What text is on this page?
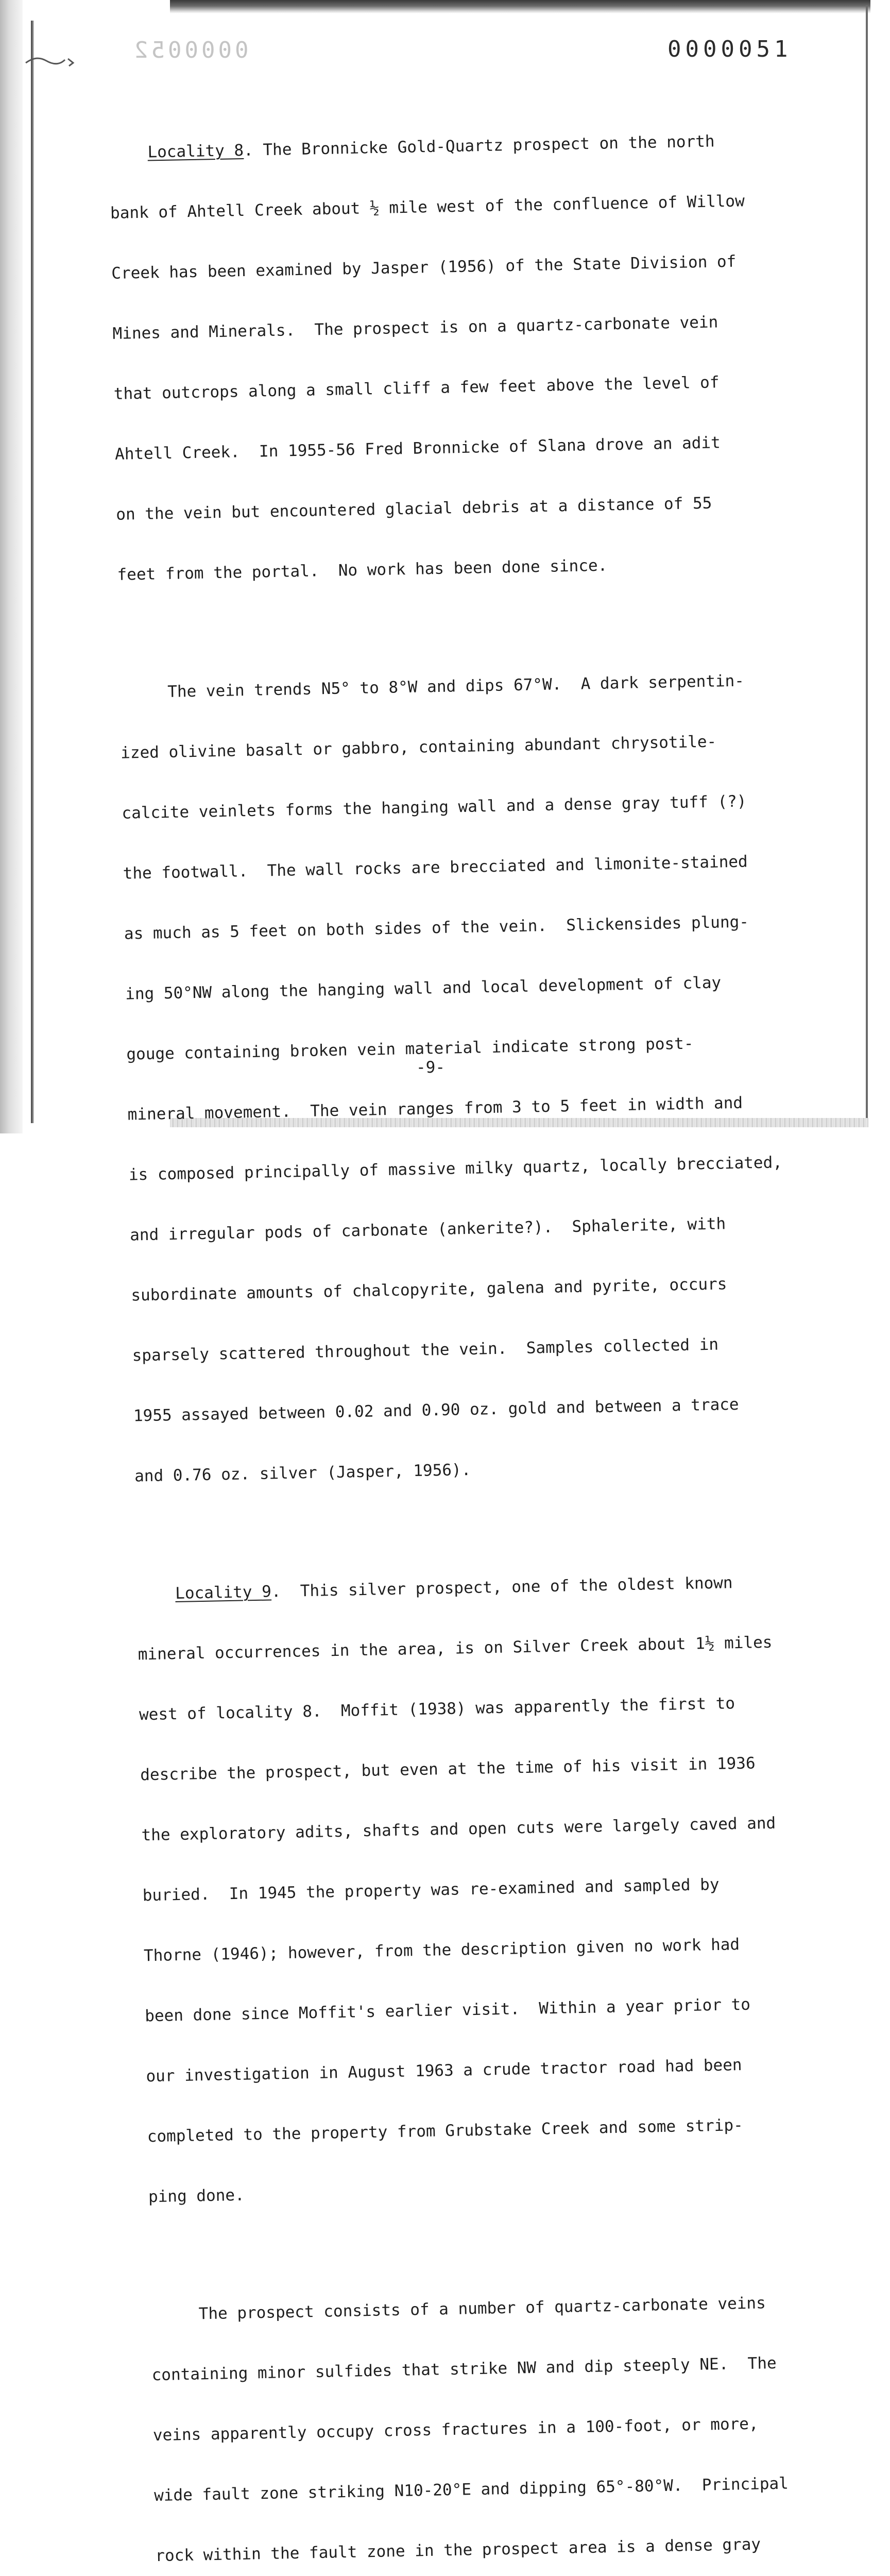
0000052	0000051

Locality 8. The Bronnicke Gold-Quartz prospect on the north

bank of Ahtell Creek about ½ mile west of the confluence of Willow

Creek has been examined by Jasper (1956) of the State Division of

Mines and Minerals.  The prospect is on a quartz-carbonate vein

that outcrops along a small cliff a few feet above the level of

Ahtell Creek.  In 1955-56 Fred Bronnicke of Slana drove an adit

on the vein but encountered glacial debris at a distance of 55

feet from the portal.  No work has been done since.

The vein trends N5° to 8°W and dips 67°W.  A dark serpentin-

ized olivine basalt or gabbro, containing abundant chrysotile-

calcite veinlets forms the hanging wall and a dense gray tuff (?)

the footwall.  The wall rocks are brecciated and limonite-stained

as much as 5 feet on both sides of the vein.  Slickensides plung-

ing 50°NW along the hanging wall and local development of clay

gouge containing broken vein material indicate strong post-

mineral movement.  The vein ranges from 3 to 5 feet in width and

is composed principally of massive milky quartz, locally brecciated,

and irregular pods of carbonate (ankerite?).  Sphalerite, with

subordinate amounts of chalcopyrite, galena and pyrite, occurs

sparsely scattered throughout the vein.  Samples collected in

1955 assayed between 0.02 and 0.90 oz. gold and between a trace

and 0.76 oz. silver (Jasper, 1956).

Locality 9.  This silver prospect, one of the oldest known

mineral occurrences in the area, is on Silver Creek about 1½ miles

west of locality 8.  Moffit (1938) was apparently the first to

describe the prospect, but even at the time of his visit in 1936

the exploratory adits, shafts and open cuts were largely caved and

buried.  In 1945 the property was re-examined and sampled by

Thorne (1946); however, from the description given no work had

been done since Moffit's earlier visit.  Within a year prior to

our investigation in August 1963 a crude tractor road had been

completed to the property from Grubstake Creek and some strip-

ping done.

The prospect consists of a number of quartz-carbonate veins

containing minor sulfides that strike NW and dip steeply NE.  The

veins apparently occupy cross fractures in a 100-foot, or more,

wide fault zone striking N10-20°E and dipping 65°-80°W.  Principal

rock within the fault zone in the prospect area is a dense gray

-9-
